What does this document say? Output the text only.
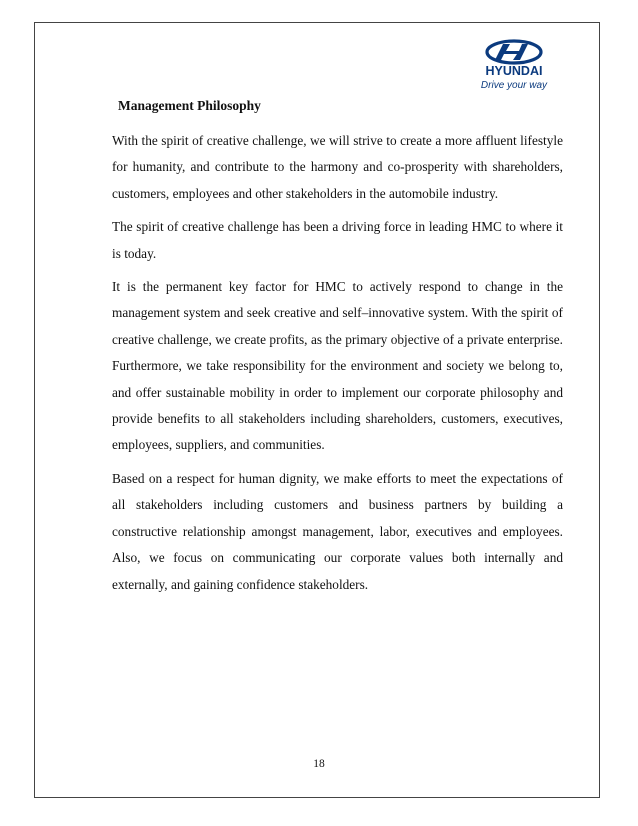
HYUNDAI
Drive your way
Management Philosophy

With the spirit of creative challenge, we will strive to create a more affluent lifestyle for humanity, and contribute to the harmony and co-prosperity with shareholders, customers, employees and other stakeholders in the automobile industry.

The spirit of creative challenge has been a driving force in leading HMC to where it is today.

It is the permanent key factor for HMC to actively respond to change in the management system and seek creative and self–innovative system. With the spirit of creative challenge, we create profits, as the primary objective of a private enterprise. Furthermore, we take responsibility for the environment and society we belong to, and offer sustainable mobility in order to implement our corporate philosophy and provide benefits to all stakeholders including shareholders, customers, executives, employees, suppliers, and communities.

Based on a respect for human dignity, we make efforts to meet the expectations of all stakeholders including customers and business partners by building a constructive relationship amongst management, labor, executives and employees. Also, we focus on communicating our corporate values both internally and externally, and gaining confidence stakeholders.

18
